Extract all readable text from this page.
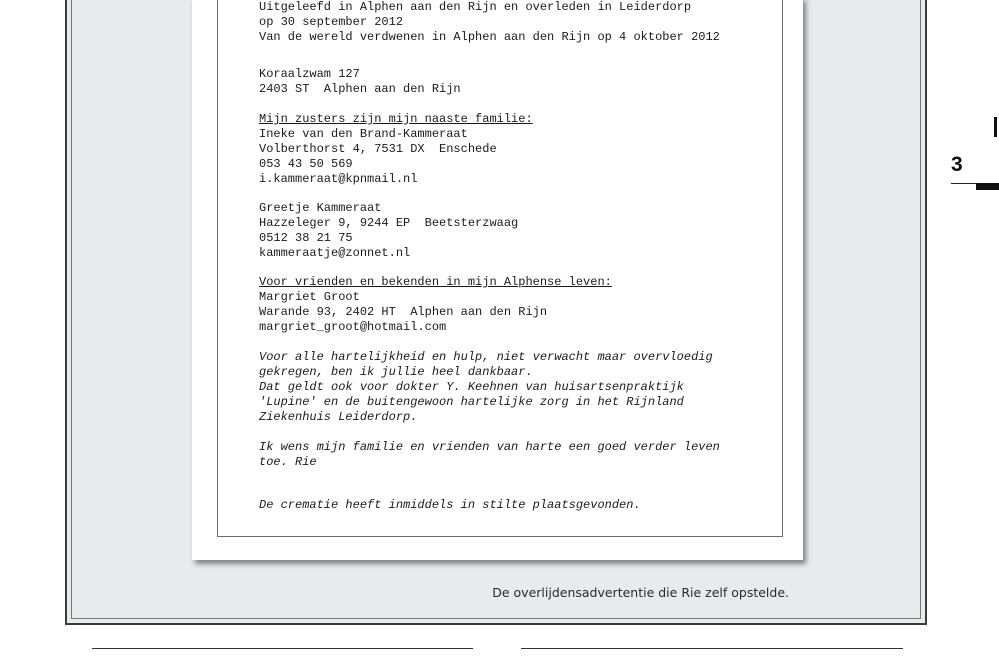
Uitgeleefd in Alphen aan den Rijn en overleden in Leiderdorp
op 30 september 2012
Van de wereld verdwenen in Alphen aan den Rijn op 4 oktober 2012
Koraalzwam 127
2403 ST  Alphen aan den Rijn
Mijn zusters zijn mijn naaste familie:
Ineke van den Brand-Kammeraat
Volberthorst 4, 7531 DX  Enschede
053 43 50 569
i.kammeraat@kpnmail.nl
Greetje Kammeraat
Hazzeleger 9, 9244 EP  Beetsterzwaag
0512 38 21 75
kammeraatje@zonnet.nl
Voor vrienden en bekenden in mijn Alphense leven:
Margriet Groot
Warande 93, 2402 HT  Alphen aan den Rijn
margriet_groot@hotmail.com
Voor alle hartelijkheid en hulp, niet verwacht maar overvloedig
gekregen, ben ik jullie heel dankbaar.
Dat geldt ook voor dokter Y. Keehnen van huisartsenpraktijk
'Lupine' en de buitengewoon hartelijke zorg in het Rijnland
Ziekenhuis Leiderdorp.
Ik wens mijn familie en vrienden van harte een goed verder leven
toe. Rie
De crematie heeft inmiddels in stilte plaatsgevonden.
De overlijdensadvertentie die Rie zelf opstelde.
3
